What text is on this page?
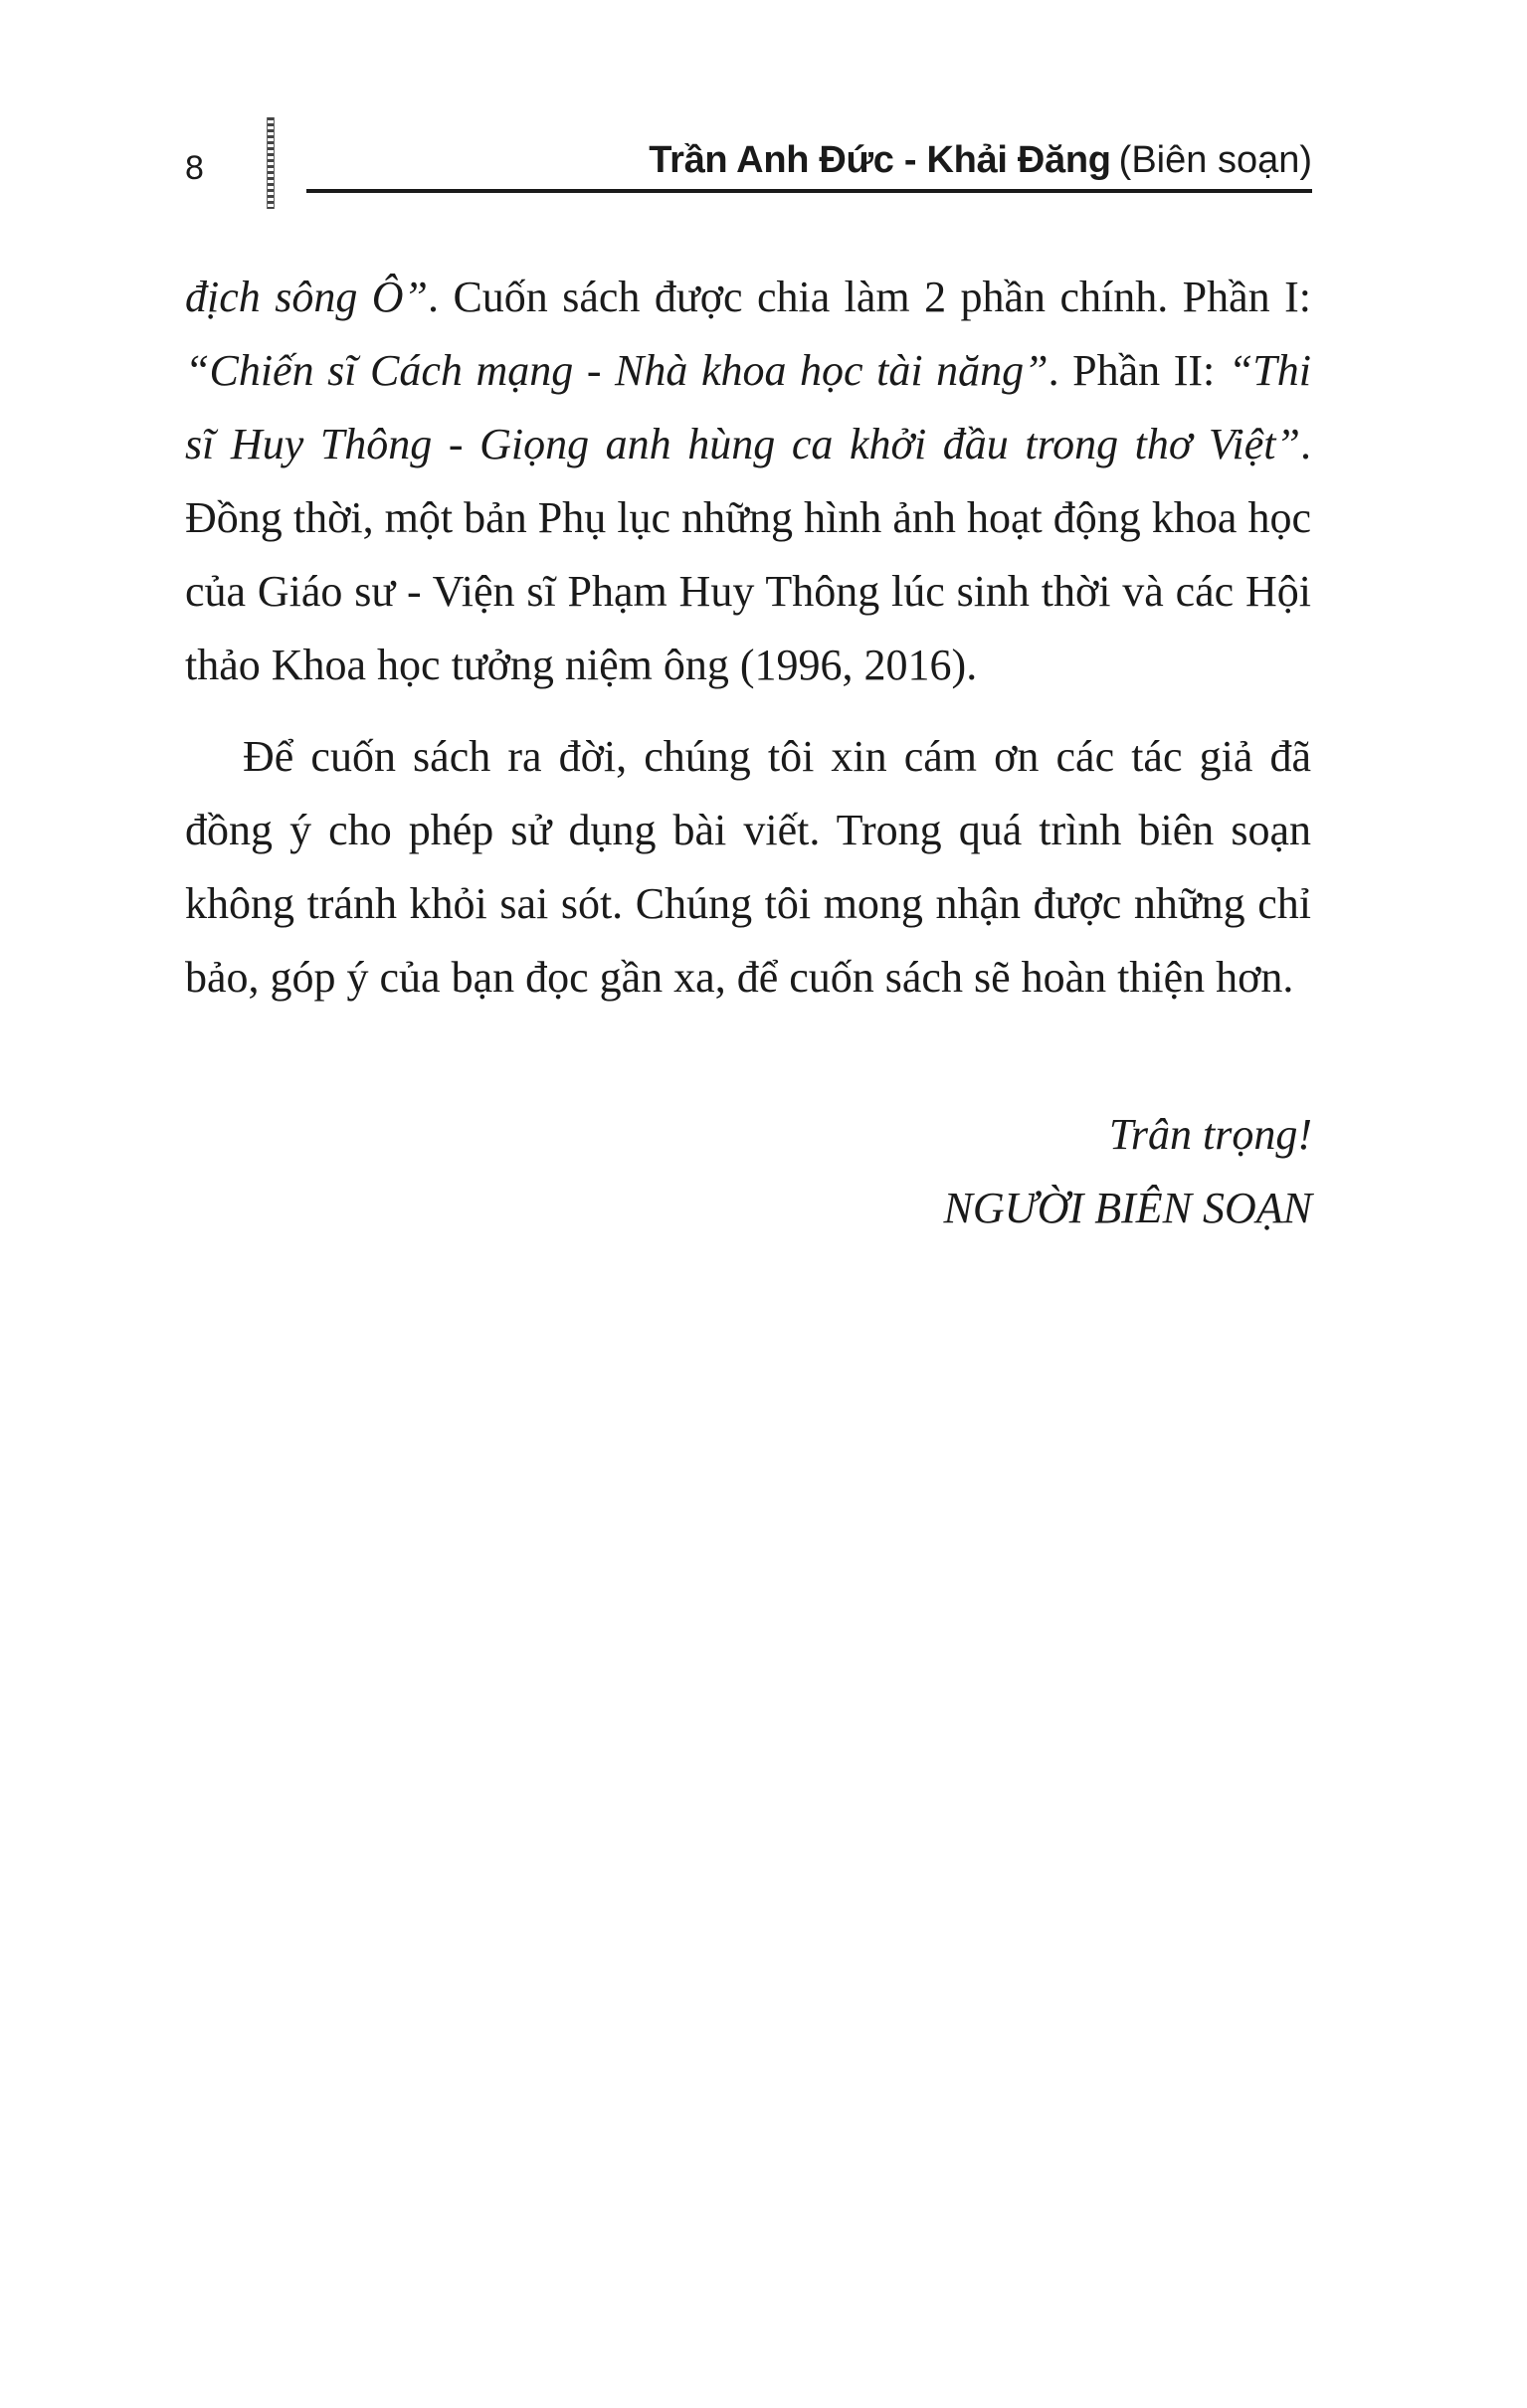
8	Trần Anh Đức - Khải Đăng (Biên soạn)

địch sông Ô”. Cuốn sách được chia làm 2 phần chính. Phần I: “Chiến sĩ Cách mạng - Nhà khoa học tài năng”. Phần II: “Thi sĩ Huy Thông - Giọng anh hùng ca khởi đầu trong thơ Việt”. Đồng thời, một bản Phụ lục những hình ảnh hoạt động khoa học của Giáo sư - Viện sĩ Phạm Huy Thông lúc sinh thời và các Hội thảo Khoa học tưởng niệm ông (1996, 2016).

Để cuốn sách ra đời, chúng tôi xin cám ơn các tác giả đã đồng ý cho phép sử dụng bài viết. Trong quá trình biên soạn không tránh khỏi sai sót. Chúng tôi mong nhận được những chỉ bảo, góp ý của bạn đọc gần xa, để cuốn sách sẽ hoàn thiện hơn.

Trân trọng!
NGƯỜI BIÊN SOẠN
